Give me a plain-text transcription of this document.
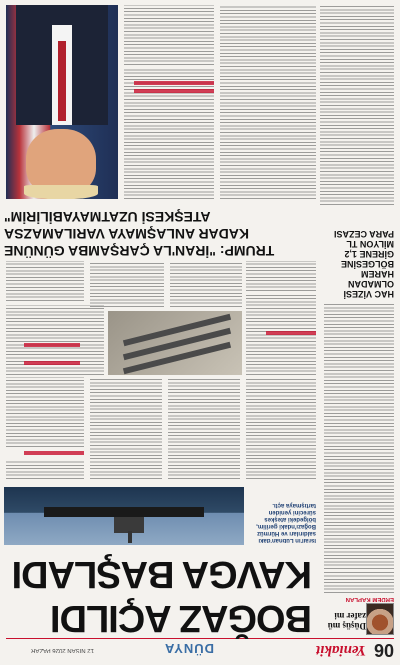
06
Yeniakit
DÜNYA
12 NİSAN 2026 PAZAR
Düşüş mü zafer mi
ERDEM KAPLAN
BOĞAZ AÇILDI
KAVGA BAŞLADI
İsrail'in Lübnan'daki saldırıları ve Hürmüz Boğazı'ndaki gerilim, bölgedeki ateşkes sürecini yeniden tartışmaya açtı.
TRUMP: "İRAN'LA ÇARŞAMBA GÜNÜNE KADAR ANLAŞMAYA VARILAMAZSA ATEŞKESİ UZATMAYABİLİRİM"
HAC VİZESİ OLMADAN HAREM BÖLGESİNE GİRENE 1,2 MİLYON TL PARA CEZASI
